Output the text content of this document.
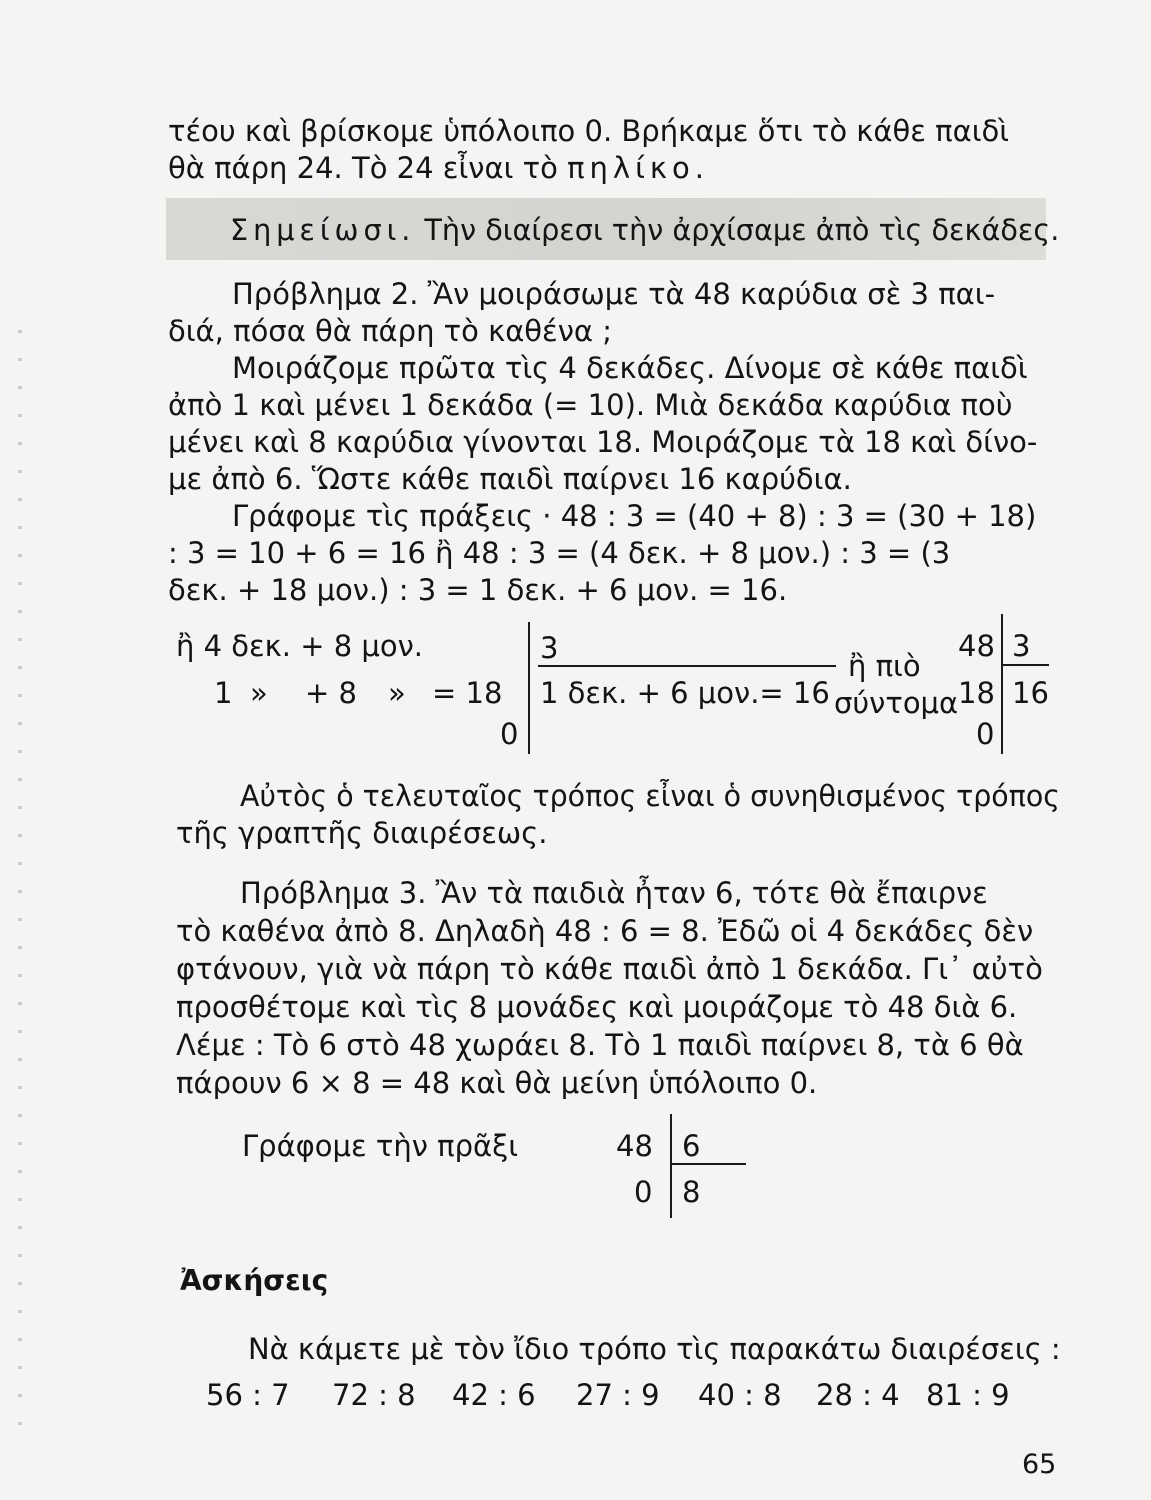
τέου καὶ βρίσκομε ὑπόλοιπο 0. Βρήκαμε ὅτι τὸ κάθε παιδὶ
θὰ πάρη 24. Τὸ 24 εἶναι τὸ πηλίκο.
Σημείωσι. Τὴν διαίρεσι τὴν ἀρχίσαμε ἀπὸ τὶς δεκάδες.
Πρόβλημα 2. Ἂν μοιράσωμε τὰ 48 καρύδια σὲ 3 παι-
διά, πόσα θὰ πάρη τὸ καθένα ;
Μοιράζομε πρῶτα τὶς 4 δεκάδες. Δίνομε σὲ κάθε παιδὶ
ἀπὸ 1 καὶ μένει 1 δεκάδα (= 10). Μιὰ δεκάδα καρύδια ποὺ
μένει καὶ 8 καρύδια γίνονται 18. Μοιράζομε τὰ 18 καὶ δίνο-
με ἀπὸ 6. Ὥστε κάθε παιδὶ παίρνει 16 καρύδια.
Γράφομε τὶς πράξεις · 48 : 3 = (40 + 8) : 3 = (30 + 18)
: 3 = 10 + 6 = 16 ἢ 48 : 3 = (4 δεκ. + 8 μον.) : 3 = (3
δεκ. + 18 μον.) : 3 = 1 δεκ. + 6 μον. = 16.
ἢ 4 δεκ. + 8 μον.
1 » + 8 » = 18
0
3
1 δεκ. + 6 μον.= 16
ἢ πιὸ
σύντομα
48 3
18 16
0
Αὐτὸς ὁ τελευταῖος τρόπος εἶναι ὁ συνηθισμένος τρόπος
τῆς γραπτῆς διαιρέσεως.
Πρόβλημα 3. Ἂν τὰ παιδιὰ ἦταν 6, τότε θὰ ἔπαιρνε
τὸ καθένα ἀπὸ 8. Δηλαδὴ 48 : 6 = 8. Ἐδῶ οἱ 4 δεκάδες δὲν
φτάνουν, γιὰ νὰ πάρη τὸ κάθε παιδὶ ἀπὸ 1 δεκάδα. Γι᾿ αὐτὸ
προσθέτομε καὶ τὶς 8 μονάδες καὶ μοιράζομε τὸ 48 διὰ 6.
Λέμε : Τὸ 6 στὸ 48 χωράει 8. Τὸ 1 παιδὶ παίρνει 8, τὰ 6 θὰ
πάρουν 6 × 8 = 48 καὶ θὰ μείνη ὑπόλοιπο 0.
Γράφομε τὴν πρᾶξι	48 6
0 8
Ἀσκήσεις
Νὰ κάμετε μὲ τὸν ἴδιο τρόπο τὶς παρακάτω διαιρέσεις :
56 : 7 72 : 8 42 : 6 27 : 9 40 : 8 28 : 4 81 : 9
65
